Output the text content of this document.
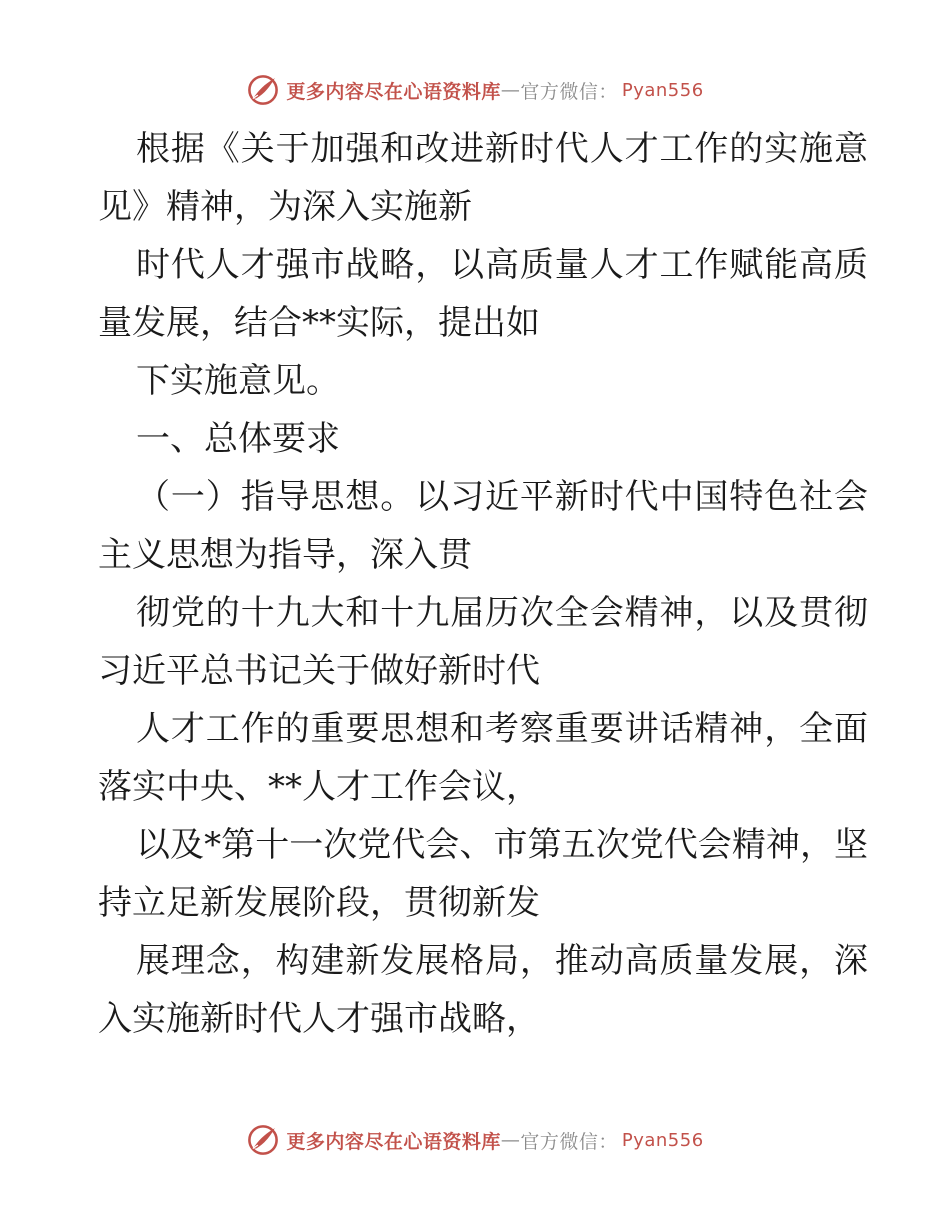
更多内容尽在心语资料库 — 官方微信： Pyan556

根据《关于加强和改进新时代人才工作的实施意见》精神，为深入实施新

时代人才强市战略，以高质量人才工作赋能高质量发展，结合**实际，提出如

下实施意见。

一、总体要求

（一）指导思想。以习近平新时代中国特色社会主义思想为指导，深入贯

彻党的十九大和十九届历次全会精神，以及贯彻习近平总书记关于做好新时代

人才工作的重要思想和考察重要讲话精神，全面落实中央、**人才工作会议，

以及*第十一次党代会、市第五次党代会精神，坚持立足新发展阶段，贯彻新发

展理念，构建新发展格局，推动高质量发展，深入实施新时代人才强市战略，

更多内容尽在心语资料库 — 官方微信： Pyan556
